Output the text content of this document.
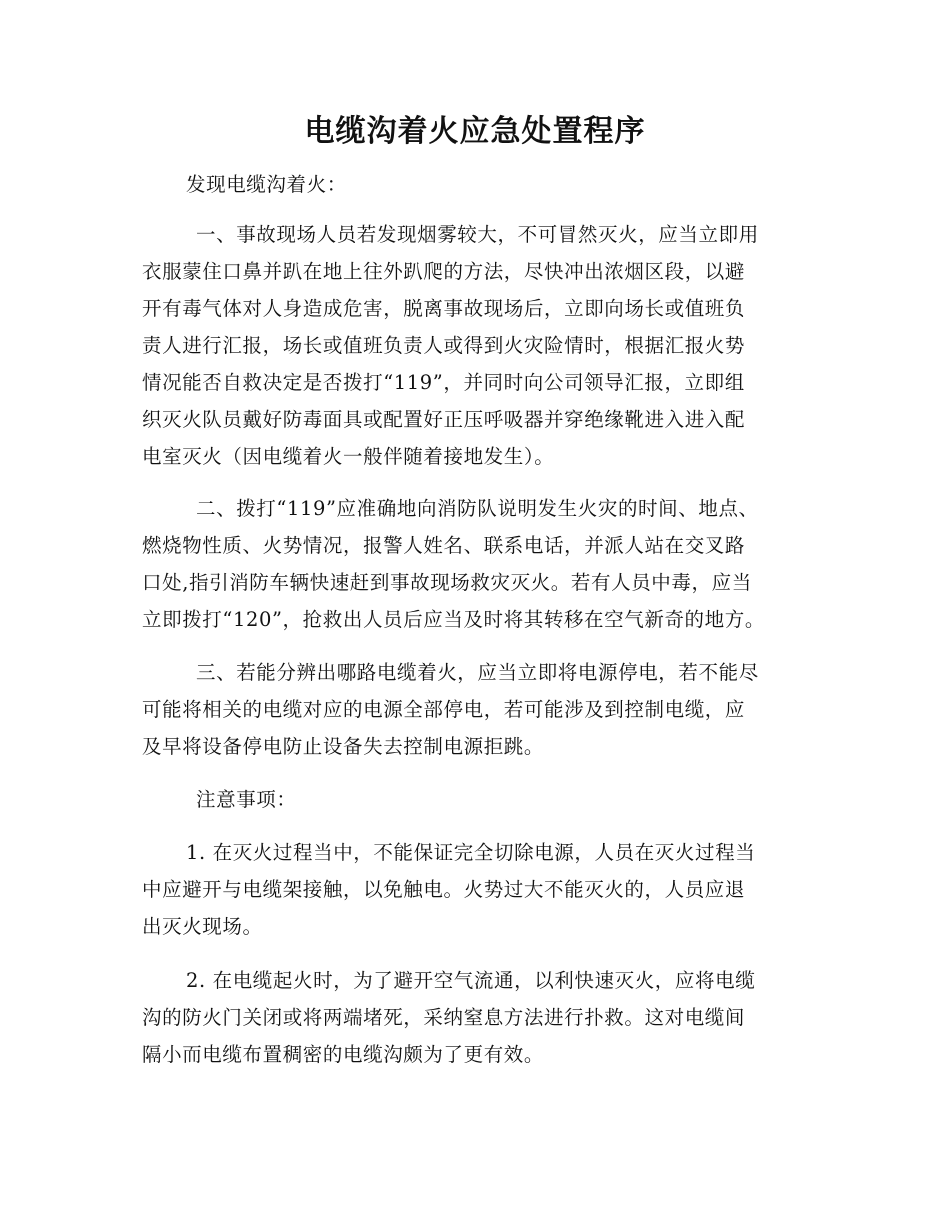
电缆沟着火应急处置程序
发现电缆沟着火：
一、事故现场人员若发现烟雾较大，不可冒然灭火，应当立即用
衣服蒙住口鼻并趴在地上往外趴爬的方法，尽快冲出浓烟区段，以避
开有毒气体对人身造成危害，脱离事故现场后，立即向场长或值班负
责人进行汇报，场长或值班负责人或得到火灾险情时，根据汇报火势
情况能否自救决定是否拨打“119”，并同时向公司领导汇报，立即组
织灭火队员戴好防毒面具或配置好正压呼吸器并穿绝缘靴进入进入配
电室灭火（因电缆着火一般伴随着接地发生）。
二、拨打“119”应准确地向消防队说明发生火灾的时间、地点、
燃烧物性质、火势情况，报警人姓名、联系电话，并派人站在交叉路
口处,指引消防车辆快速赶到事故现场救灾灭火。若有人员中毒，应当
立即拨打“120”，抢救出人员后应当及时将其转移在空气新奇的地方。
三、若能分辨出哪路电缆着火，应当立即将电源停电，若不能尽
可能将相关的电缆对应的电源全部停电，若可能涉及到控制电缆，应
及早将设备停电防止设备失去控制电源拒跳。
注意事项：
1. 在灭火过程当中，不能保证完全切除电源，人员在灭火过程当
中应避开与电缆架接触，以免触电。火势过大不能灭火的，人员应退
出灭火现场。
2. 在电缆起火时，为了避开空气流通，以利快速灭火，应将电缆
沟的防火门关闭或将两端堵死，采纳窒息方法进行扑救。这对电缆间
隔小而电缆布置稠密的电缆沟颇为了更有效。
